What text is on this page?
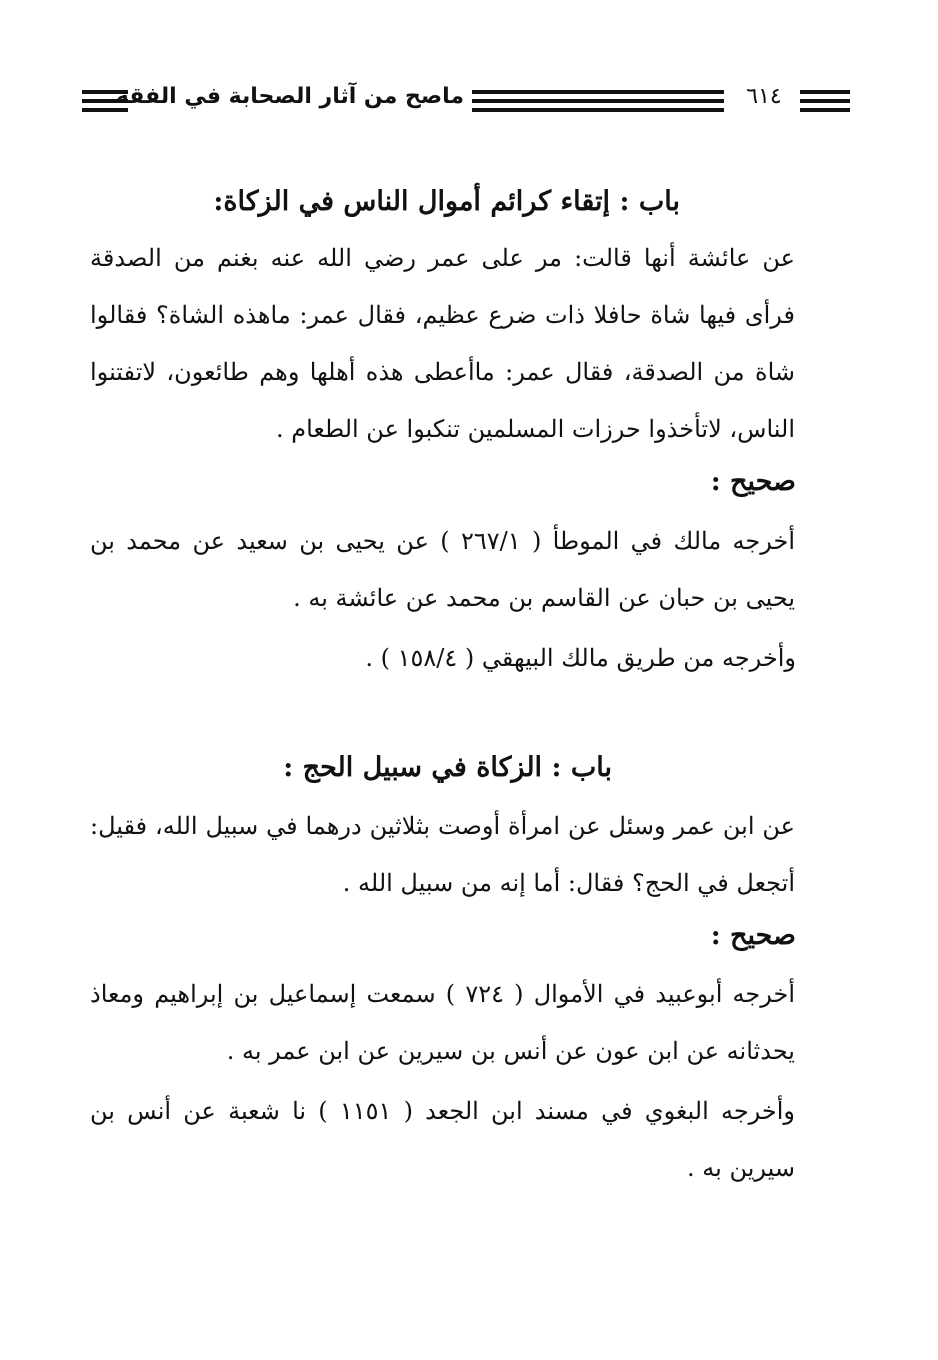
ماصح من آثار الصحابة في الفقه	٦١٤
باب : إتقاء كرائم أموال الناس في الزكاة:
عن عائشة أنها قالت: مر على عمر رضي الله عنه بغنم من الصدقة فرأى فيها شاة حافلا ذات ضرع عظيم، فقال عمر: ماهذه الشاة؟ فقالوا شاة من الصدقة، فقال عمر: ماأعطى هذه أهلها وهم طائعون، لاتفتنوا الناس، لاتأخذوا حرزات المسلمين تنكبوا عن الطعام .
صحيح :
أخرجه مالك في الموطأ ( ٢٦٧/١ ) عن يحيى بن سعيد عن محمد بن يحيى بن حبان عن القاسم بن محمد عن عائشة به .
وأخرجه من طريق مالك البيهقي ( ١٥٨/٤ ) .
باب : الزكاة في سبيل الحج :
عن ابن عمر وسئل عن امرأة أوصت بثلاثين درهما في سبيل الله، فقيل: أتجعل في الحج؟ فقال: أما إنه من سبيل الله .
صحيح :
أخرجه أبوعبيد في الأموال ( ٧٢٤ ) سمعت إسماعيل بن إبراهيم ومعاذ يحدثانه عن ابن عون عن أنس بن سيرين عن ابن عمر به .
وأخرجه البغوي في مسند ابن الجعد ( ١١٥١ ) نا شعبة عن أنس بن سيرين به .
